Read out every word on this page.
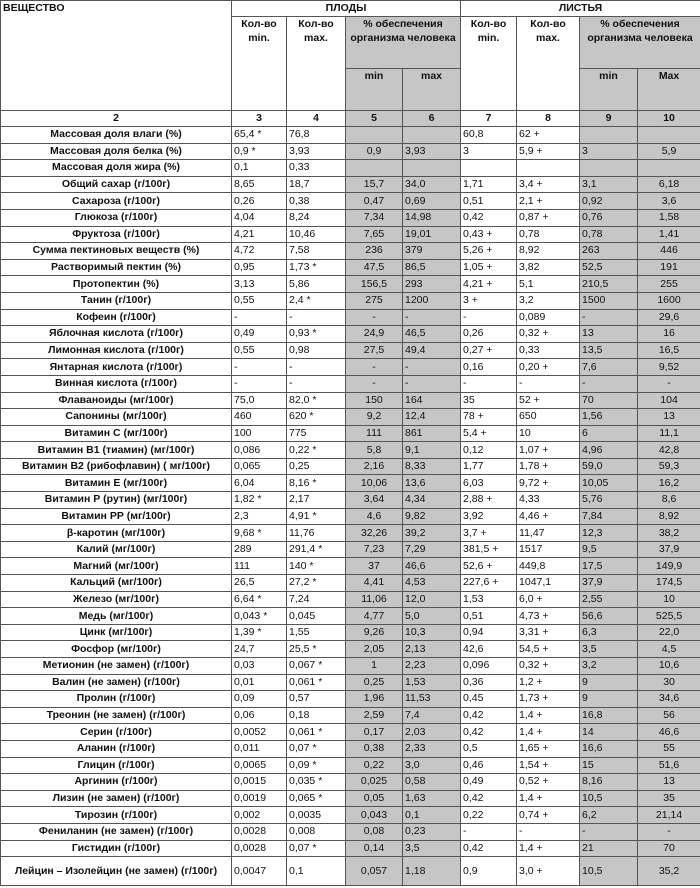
ВЕЩЕСТВО	ПЛОДЫ				ЛИСТЬЯ			
	Кол-во min.	Кол-во max.	% обеспечения организма человека		Кол-во min.	Кол-во max.	% обеспечения организма человека	
			min	max			min	Max
2	3	4	5	6	7	8	9	10
Массовая доля влаги (%)	65,4 *	76,8			60,8	62 +		
Массовая доля белка (%)	0,9 *	3,93	0,9	3,93	3	5,9 +	3	5,9
Массовая доля жира (%)	0,1	0,33						
Общий сахар (г/100г)	8,65	18,7	15,7	34,0	1,71	3,4 +	3,1	6,18
Сахароза (г/100г)	0,26	0,38	0,47	0,69	0,51	2,1 +	0,92	3,6
Глюкоза (г/100г)	4,04	8,24	7,34	14,98	0,42	0,87 +	0,76	1,58
Фруктоза (г/100г)	4,21	10,46	7,65	19,01	0,43 +	0,78	0,78	1,41
Сумма пектиновых веществ (%)	4,72	7,58	236	379	5,26 +	8,92	263	446
Растворимый пектин (%)	0,95	1,73 *	47,5	86,5	1,05 +	3,82	52,5	191
Протопектин (%)	3,13	5,86	156,5	293	4,21 +	5,1	210,5	255
Танин (г/100г)	0,55	2,4 *	275	1200	3 +	3,2	1500	1600
Кофеин (г/100г)	-	-	-	-	-	0,089	-	29,6
Яблочная кислота (г/100г)	0,49	0,93 *	24,9	46,5	0,26	0,32 +	13	16
Лимонная кислота (г/100г)	0,55	0,98	27,5	49,4	0,27 +	0,33	13,5	16,5
Янтарная кислота (г/100г)	-	-	-	-	0,16	0,20 +	7,6	9,52
Винная кислота (г/100г)	-	-	-	-	-	-	-	-
Флаваноиды (мг/100г)	75,0	82,0 *	150	164	35	52 +	70	104
Сапонины (мг/100г)	460	620 *	9,2	12,4	78 +	650	1,56	13
Витамин С (мг/100г)	100	775	111	861	5,4 +	10	6	11,1
Витамин В1 (тиамин) (мг/100г)	0,086	0,22 *	5,8	9,1	0,12	1,07 +	4,96	42,8
Витамин В2 (рибофлавин) ( мг/100г)	0,065	0,25	2,16	8,33	1,77	1,78 +	59,0	59,3
Витамин Е (мг/100г)	6,04	8,16 *	10,06	13,6	6,03	9,72 +	10,05	16,2
Витамин Р (рутин) (мг/100г)	1,82 *	2,17	3,64	4,34	2,88 +	4,33	5,76	8,6
Витамин РР (мг/100г)	2,3	4,91 *	4,6	9,82	3,92	4,46 +	7,84	8,92
β-каротин (мг/100г)	9,68 *	11,76	32,26	39,2	3,7 +	11,47	12,3	38,2
Калий (мг/100г)	289	291,4 *	7,23	7,29	381,5 +	1517	9,5	37,9
Магний (мг/100г)	111	140 *	37	46,6	52,6 +	449,8	17,5	149,9
Кальций (мг/100г)	26,5	27,2 *	4,41	4,53	227,6 +	1047,1	37,9	174,5
Железо (мг/100г)	6,64 *	7,24	11,06	12,0	1,53	6,0 +	2,55	10
Медь (мг/100г)	0,043 *	0,045	4,77	5,0	0,51	4,73 +	56,6	525,5
Цинк (мг/100г)	1,39 *	1,55	9,26	10,3	0,94	3,31 +	6,3	22,0
Фосфор (мг/100г)	24,7	25,5 *	2,05	2,13	42,6	54,5 +	3,5	4,5
Метионин (не замен) (г/100г)	0,03	0,067 *	1	2,23	0,096	0,32 +	3,2	10,6
Валин (не замен) (г/100г)	0,01	0,061 *	0,25	1,53	0,36	1,2 +	9	30
Пролин (г/100г)	0,09	0,57	1,96	11,53	0,45	1,73 +	9	34,6
Треонин (не замен) (г/100г)	0,06	0,18	2,59	7,4	0,42	1,4 +	16,8	56
Серин (г/100г)	0,0052	0,061 *	0,17	2,03	0,42	1,4 +	14	46,6
Аланин (г/100г)	0,011	0,07 *	0,38	2,33	0,5	1,65 +	16,6	55
Глицин (г/100г)	0,0065	0,09 *	0,22	3,0	0,46	1,54 +	15	51,6
Аргинин (г/100г)	0,0015	0,035 *	0,025	0,58	0,49	0,52 +	8,16	13
Лизин (не замен) (г/100г)	0,0019	0,065 *	0,05	1,63	0,42	1,4 +	10,5	35
Тирозин (г/100г)	0,002	0,0035	0,043	0,1	0,22	0,74 +	6,2	21,14
Фениланин (не замен) (г/100г)	0,0028	0,008	0,08	0,23	-	-	-	-
Гистидин (г/100г)	0,0028	0,07 *	0,14	3,5	0,42	1,4 +	21	70
Лейцин – Изолейцин (не замен) (г/100г)	0,0047	0,1	0,057	1,18	0,9	3,0 +	10,5	35,2
